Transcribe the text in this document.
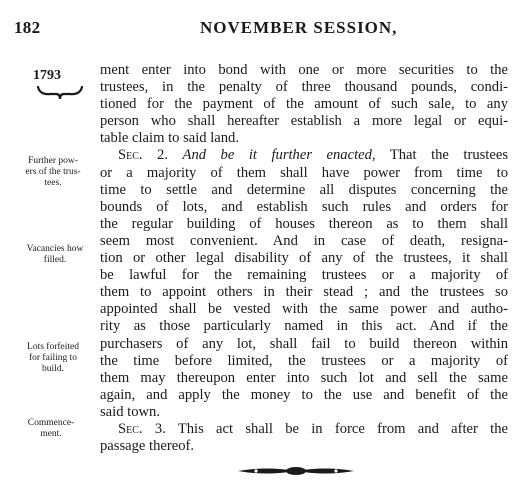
182	NOVEMBER SESSION,
1793
Further pow-
ers of the trus-
tees.
Vacancies how
filled.
Lots forfeited
for failing to
build.
Commence-
ment.
ment enter into bond with one or more securities to the
trustees, in the penalty of three thousand pounds, condi-
tioned for the payment of the amount of such sale, to any
person who shall hereafter establish a more legal or equi-
table claim to said land.
Sec. 2. And be it further enacted, That the trustees
or a majority of them shall have power from time to
time to settle and determine all disputes concerning the
bounds of lots, and establish such rules and orders for
the regular building of houses thereon as to them shall
seem most convenient. And in case of death, resigna-
tion or other legal disability of any of the trustees, it shall
be lawful for the remaining trustees or a majority of
them to appoint others in their stead ; and the trustees so
appointed shall be vested with the same power and autho-
rity as those particularly named in this act. And if the
purchasers of any lot, shall fail to build thereon within
the time before limited, the trustees or a majority of
them may thereupon enter into such lot and sell the same
again, and apply the money to the use and benefit of the
said town.
Sec. 3. This act shall be in force from and after the
passage thereof.
